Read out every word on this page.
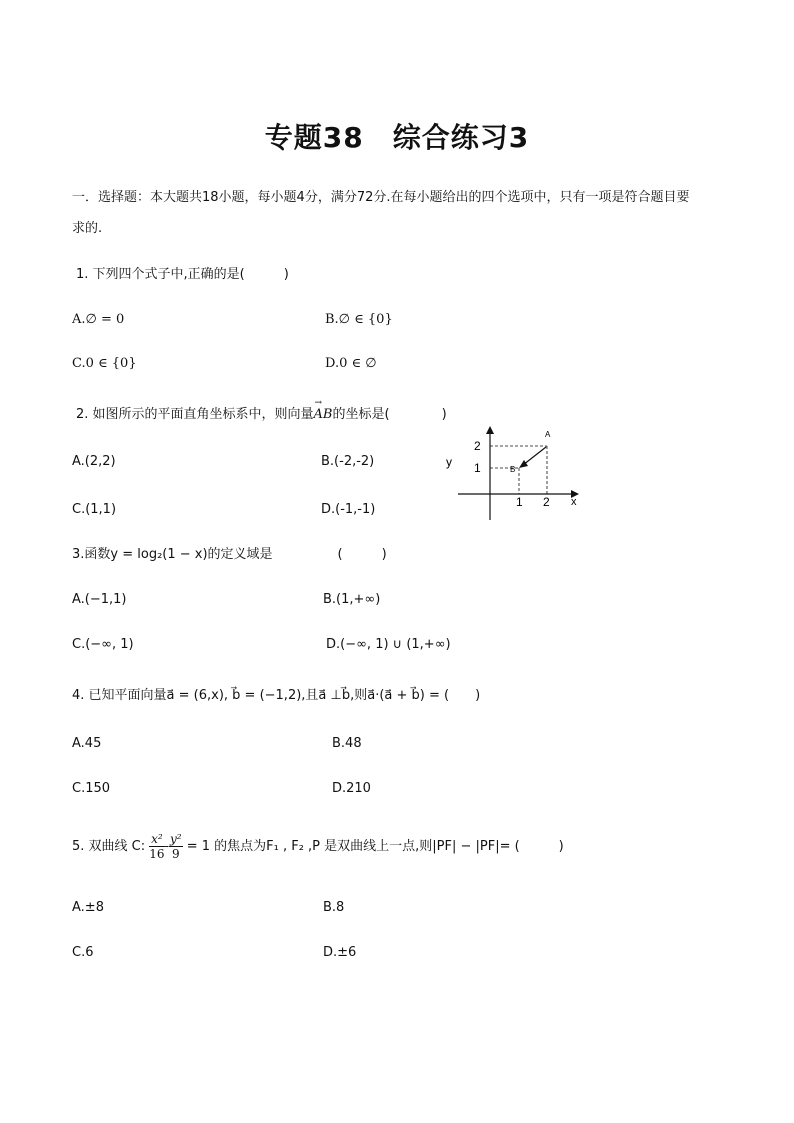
专题38　综合练习3
一．选择题：本大题共18小题，每小题4分，满分72分.在每小题给出的四个选项中，只有一项是符合题目要
求的.
1. 下列四个式子中,正确的是(　　　)
A.∅ = 0	B.∅ ∈ {0}
C.0 ∈ {0}	D.0 ∈ ∅
2. 如图所示的平面直角坐标系中，则向量
→
AB的坐标是(　　　　)
A.(2,2)	B.(-2,-2)
C.(1,1)	D.(-1,-1)
2
1
1 2
y
x
A
B
3.函数y = log₂(1 − x)的定义域是　　　　　(　　　)
A.(−1,1)	B.(1,+∞)
C.(−∞, 1)	D.(−∞, 1) ∪ (1,+∞)
4. 已知平面向量a⃗ = (6,x), b⃗ = (−1,2),且a⃗ ⊥b⃗,则a⃗·(a⃗ + b⃗) = (　　)
A.45	B.48
C.150	D.210
5. 双曲线 C: $\frac{\text{x²}}{16} - \frac{\text{y²}}{9} = 1$ 的焦点为F₁ , F₂ ,P 是双曲线上一点,则|PF| − |PF|= (　　　)
A.±8	B.8
C.6	D.±6
